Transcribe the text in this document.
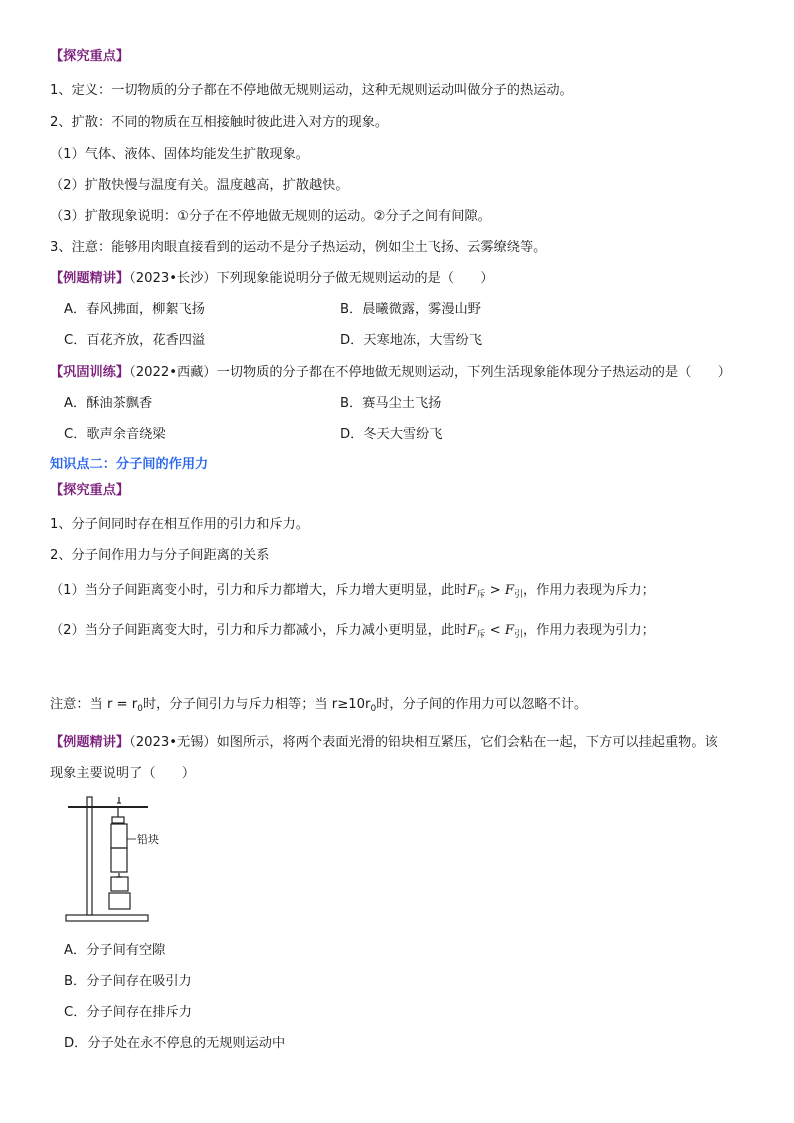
【探究重点】
1、定义：一切物质的分子都在不停地做无规则运动，这种无规则运动叫做分子的热运动。
2、扩散：不同的物质在互相接触时彼此进入对方的现象。
（1）气体、液体、固体均能发生扩散现象。
（2）扩散快慢与温度有关。温度越高，扩散越快。
（3）扩散现象说明：①分子在不停地做无规则的运动。②分子之间有间隙。
3、注意：能够用肉眼直接看到的运动不是分子热运动，例如尘土飞扬、云雾缭绕等。
【例题精讲】（2023•长沙）下列现象能说明分子做无规则运动的是（　　）
A．春风拂面，柳絮飞扬	B．晨曦微露，雾漫山野
C．百花齐放，花香四溢	D．天寒地冻，大雪纷飞
【巩固训练】（2022•西藏）一切物质的分子都在不停地做无规则运动，下列生活现象能体现分子热运动的是（　　）
A．酥油茶飘香	B．赛马尘土飞扬
C．歌声余音绕梁	D．冬天大雪纷飞
知识点二：分子间的作用力
【探究重点】
1、分子间同时存在相互作用的引力和斥力。
2、分子间作用力与分子间距离的关系
（1）当分子间距离变小时，引力和斥力都增大，斥力增大更明显，此时$F_斥 > F_引$，作用力表现为斥力；
（2）当分子间距离变大时，引力和斥力都减小，斥力减小更明显，此时$F_斥 < F_引$，作用力表现为引力；
注意：当 $r = r_0$时，分子间引力与斥力相等；当 $r\ge 10r_0$时，分子间的作用力可以忽略不计。
【例题精讲】（2023•无锡）如图所示，将两个表面光滑的铅块相互紧压，它们会粘在一起，下方可以挂起重物。该
现象主要说明了（　　）
铅块
A．分子间有空隙
B．分子间存在吸引力
C．分子间存在排斥力
D．分子处在永不停息的无规则运动中
